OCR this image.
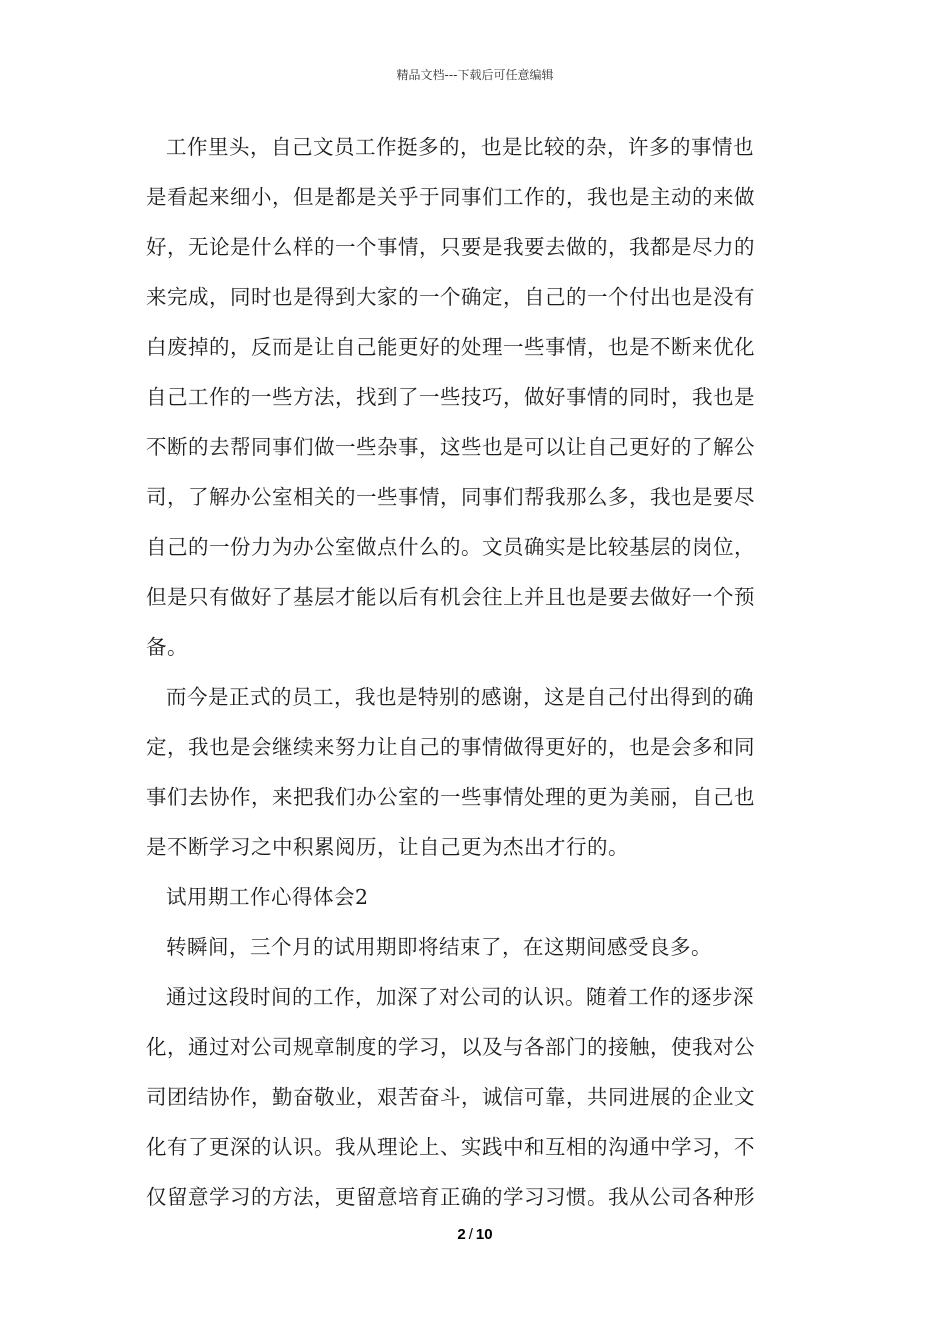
精品文档---下载后可任意编辑
工作里头，自己文员工作挺多的，也是比较的杂，许多的事情也
是看起来细小，但是都是关乎于同事们工作的，我也是主动的来做
好，无论是什么样的一个事情，只要是我要去做的，我都是尽力的
来完成，同时也是得到大家的一个确定，自己的一个付出也是没有
白废掉的，反而是让自己能更好的处理一些事情，也是不断来优化
自己工作的一些方法，找到了一些技巧，做好事情的同时，我也是
不断的去帮同事们做一些杂事，这些也是可以让自己更好的了解公
司，了解办公室相关的一些事情，同事们帮我那么多，我也是要尽
自己的一份力为办公室做点什么的。文员确实是比较基层的岗位，
但是只有做好了基层才能以后有机会往上并且也是要去做好一个预
备。
而今是正式的员工，我也是特别的感谢，这是自己付出得到的确
定，我也是会继续来努力让自己的事情做得更好的，也是会多和同
事们去协作，来把我们办公室的一些事情处理的更为美丽，自己也
是不断学习之中积累阅历，让自己更为杰出才行的。
试用期工作心得体会2
转瞬间，三个月的试用期即将结束了，在这期间感受良多。
通过这段时间的工作，加深了对公司的认识。随着工作的逐步深
化，通过对公司规章制度的学习，以及与各部门的接触，使我对公
司团结协作，勤奋敬业，艰苦奋斗，诚信可靠，共同进展的企业文
化有了更深的认识。我从理论上、实践中和互相的沟通中学习，不
仅留意学习的方法，更留意培育正确的学习习惯。我从公司各种形
2 / 10
